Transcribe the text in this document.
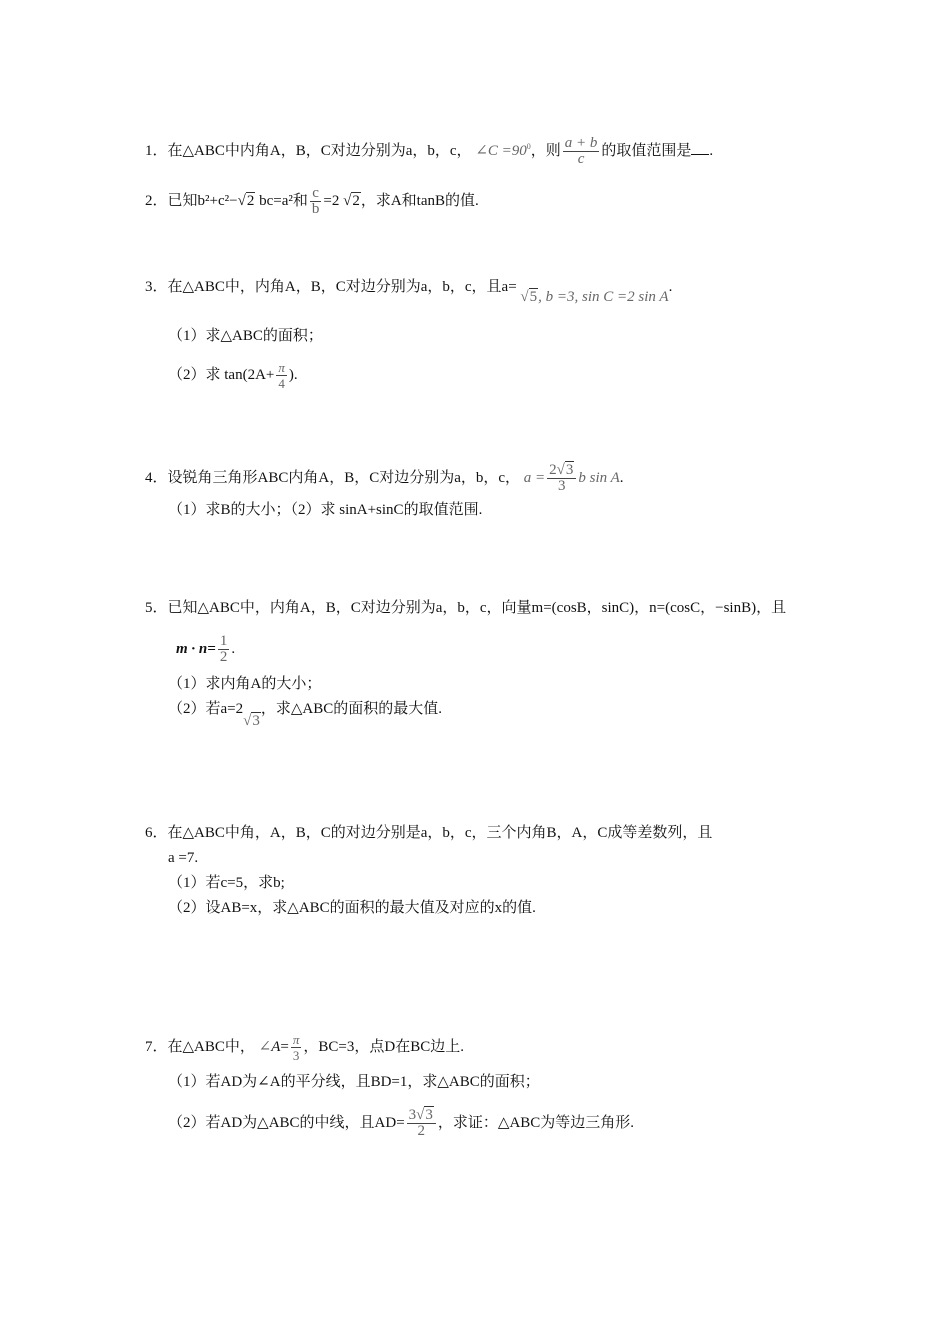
1．在△ABC中内角A，B，C对边分别为a，b，c， ∠C $=90^0$，则 $\frac{a + b}{c}$ 的取值范围是 .
2．已知b²+c²−√2 bc=a²和 $\frac{c}{b} =2$ √2，求A和tanB的值.
3．在△ABC中，内角A，B，C对边分别为a，b，c，且a= √5, b =3, sin C =2 sin A.
（1）求△ABC的面积；
（2）求 $\tan(2A+ \frac{\pi}{4}$ ).
4．设锐角三角形ABC内角A，B，C对边分别为a，b，c， $a = \frac{2√3}{3}$ b sin A.
（1）求B的大小；（2）求 sinA+sinC的取值范围.
5．已知△ABC中，内角A，B，C对边分别为a，b，c，向量m=(cosB，sinC)，n=(cosC，−sinB)，且
$m \cdot n= \frac{1}{2}$ .
（1）求内角A的大小；
（2）若a=2√3，求△ABC的面积的最大值.
6．在△ABC中角，A，B，C的对边分别是a，b，c，三个内角B，A，C成等差数列，且
a =7.
（1）若c=5，求b;
（2）设AB=x，求△ABC的面积的最大值及对应的x的值.
7．在△ABC中， ∠A= $\frac{\pi}{3}$ ，BC=3，点D在BC边上.
（1）若AD为∠A的平分线，且BD=1，求△ABC的面积；
（2）若AD为△ABC的中线，且$AD= \frac{3√3}{2}$ ，求证：△ABC为等边三角形.
